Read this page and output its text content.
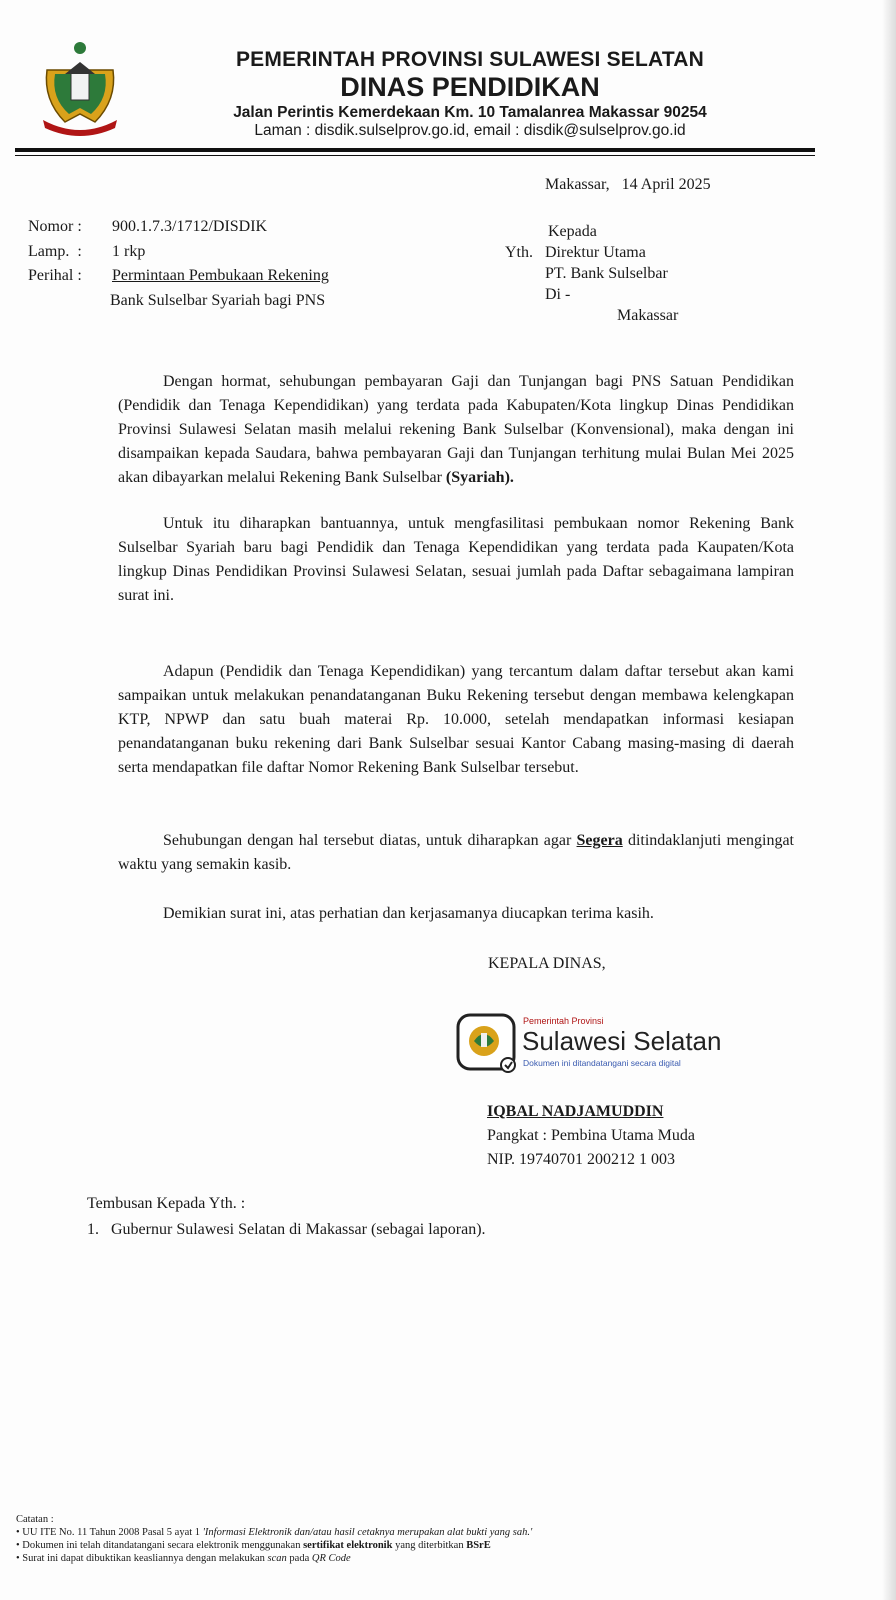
PEMERINTAH PROVINSI SULAWESI SELATAN
DINAS PENDIDIKAN
Jalan Perintis Kemerdekaan Km. 10 Tamalanrea Makassar 90254
Laman : disdik.sulselprov.go.id, email : disdik@sulselprov.go.id
Makassar,   14 April 2025
Nomor : 900.1.7.3/1712/DISDIK
Lamp.  : 1 rkp
Perihal : Permintaan Pembukaan Rekening
Bank Sulselbar Syariah bagi PNS
Kepada
Yth. Direktur Utama
PT. Bank Sulselbar
Di -
Makassar
Dengan hormat, sehubungan pembayaran Gaji dan Tunjangan bagi PNS Satuan Pendidikan (Pendidik dan Tenaga Kependidikan) yang terdata pada Kabupaten/Kota lingkup Dinas Pendidikan Provinsi Sulawesi Selatan masih melalui rekening Bank Sulselbar (Konvensional), maka dengan ini disampaikan kepada Saudara, bahwa pembayaran Gaji dan Tunjangan terhitung mulai Bulan Mei 2025 akan dibayarkan melalui Rekening Bank Sulselbar (Syariah).
Untuk itu diharapkan bantuannya, untuk mengfasilitasi pembukaan nomor Rekening Bank Sulselbar Syariah baru bagi Pendidik dan Tenaga Kependidikan yang terdata pada Kaupaten/Kota lingkup Dinas Pendidikan Provinsi Sulawesi Selatan, sesuai jumlah pada Daftar sebagaimana lampiran surat ini.
Adapun (Pendidik dan Tenaga Kependidikan) yang tercantum dalam daftar tersebut akan kami sampaikan untuk melakukan penandatanganan Buku Rekening tersebut dengan membawa kelengkapan KTP, NPWP dan satu buah materai Rp. 10.000, setelah mendapatkan informasi kesiapan penandatanganan buku rekening dari Bank Sulselbar sesuai Kantor Cabang masing-masing di daerah serta mendapatkan file daftar Nomor Rekening Bank Sulselbar tersebut.
Sehubungan dengan hal tersebut diatas, untuk diharapkan agar Segera ditindaklanjuti mengingat waktu yang semakin kasib.
Demikian surat ini, atas perhatian dan kerjasamanya diucapkan terima kasih.
KEPALA DINAS,
Pemerintah Provinsi
Sulawesi Selatan
Dokumen ini ditandatangani secara digital
IQBAL NADJAMUDDIN
Pangkat : Pembina Utama Muda
NIP. 19740701 200212 1 003
Tembusan Kepada Yth. :
1.   Gubernur Sulawesi Selatan di Makassar (sebagai laporan).
Catatan :
• UU ITE No. 11 Tahun 2008 Pasal 5 ayat 1 'Informasi Elektronik dan/atau hasil cetaknya merupakan alat bukti yang sah.'
• Dokumen ini telah ditandatangani secara elektronik menggunakan sertifikat elektronik yang diterbitkan BSrE
• Surat ini dapat dibuktikan keasliannya dengan melakukan scan pada QR Code
